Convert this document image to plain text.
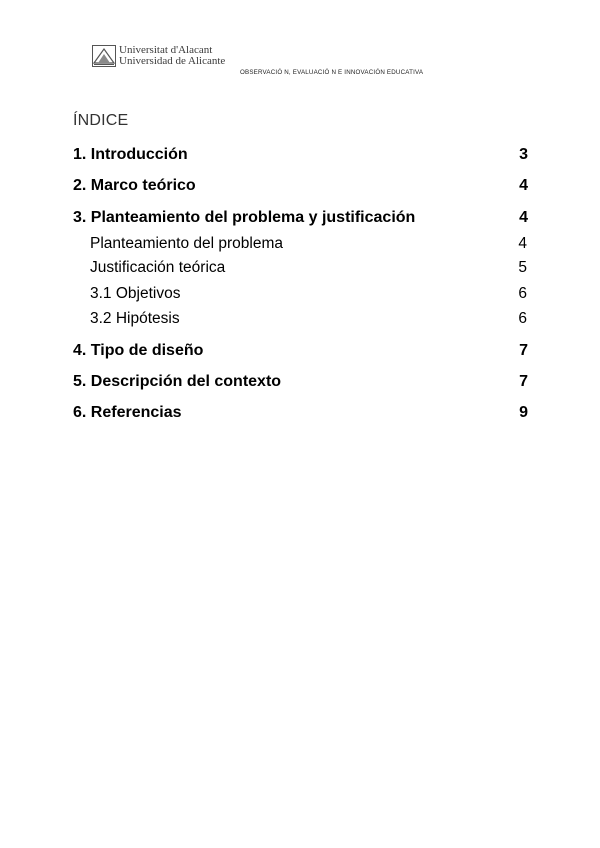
Universitat d'Alacant
Universidad de Alicante
OBSERVACIÓ N, EVALUACIÓ N E INNOVACIÓN EDUCATIVA
ÍNDICE
1. Introducción	3
2. Marco teórico	4
3. Planteamiento del problema y justificación	4
Planteamiento del problema	4
Justificación teórica	5
3.1 Objetivos	6
3.2 Hipótesis	6
4. Tipo de diseño	7
5. Descripción del contexto	7
6. Referencias	9
